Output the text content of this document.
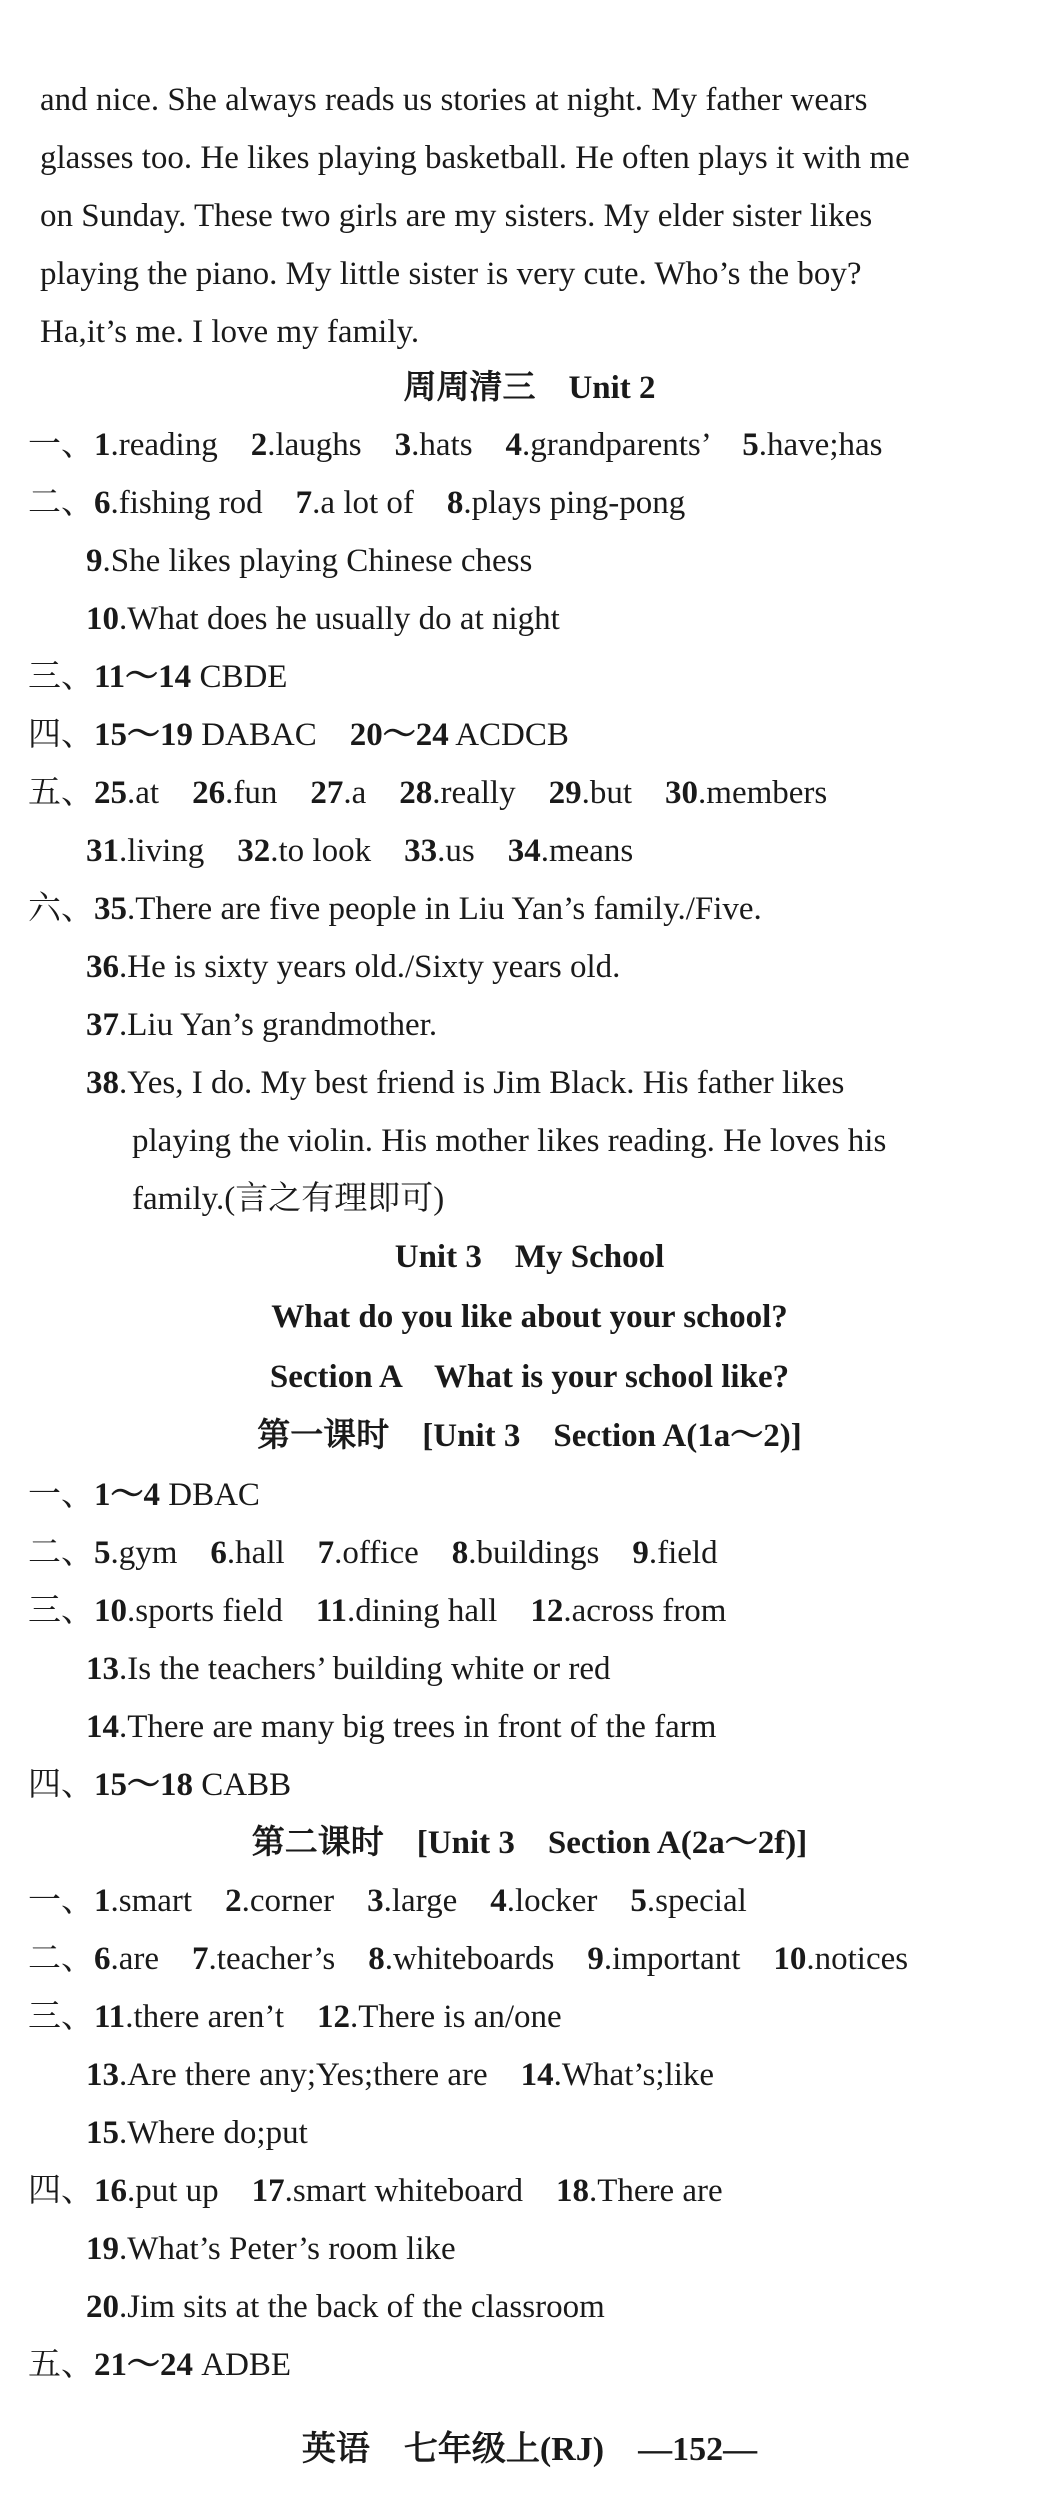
and nice. She always reads us stories at night. My father wears
glasses too. He likes playing basketball. He often plays it with me
on Sunday. These two girls are my sisters. My elder sister likes
playing the piano. My little sister is very cute. Who’s the boy?
Ha,it’s me. I love my family.
周周清三　Unit 2
一、1.reading　2.laughs　3.hats　4.grandparents’　5.have;has
二、6.fishing rod　7.a lot of　8.plays ping-pong
9.She likes playing Chinese chess
10.What does he usually do at night
三、11～14 CBDE
四、15～19 DABAC　20～24 ACDCB
五、25.at　26.fun　27.a　28.really　29.but　30.members
31.living　32.to look　33.us　34.means
六、35.There are five people in Liu Yan’s family./Five.
36.He is sixty years old./Sixty years old.
37.Liu Yan’s grandmother.
38.Yes, I do. My best friend is Jim Black. His father likes
playing the violin. His mother likes reading. He loves his
family.(言之有理即可)
Unit 3　My School
What do you like about your school?
Section A　What is your school like?
第一课时　[Unit 3　Section A(1a～2)]
一、1～4 DBAC
二、5.gym　6.hall　7.office　8.buildings　9.field
三、10.sports field　11.dining hall　12.across from
13.Is the teachers’ building white or red
14.There are many big trees in front of the farm
四、15～18 CABB
第二课时　[Unit 3　Section A(2a～2f)]
一、1.smart　2.corner　3.large　4.locker　5.special
二、6.are　7.teacher’s　8.whiteboards　9.important　10.notices
三、11.there aren’t　12.There is an/one
13.Are there any;Yes;there are　14.What’s;like
15.Where do;put
四、16.put up　17.smart whiteboard　18.There are
19.What’s Peter’s room like
20.Jim sits at the back of the classroom
五、21～24 ADBE
英语　七年级上(RJ)　 —152—
